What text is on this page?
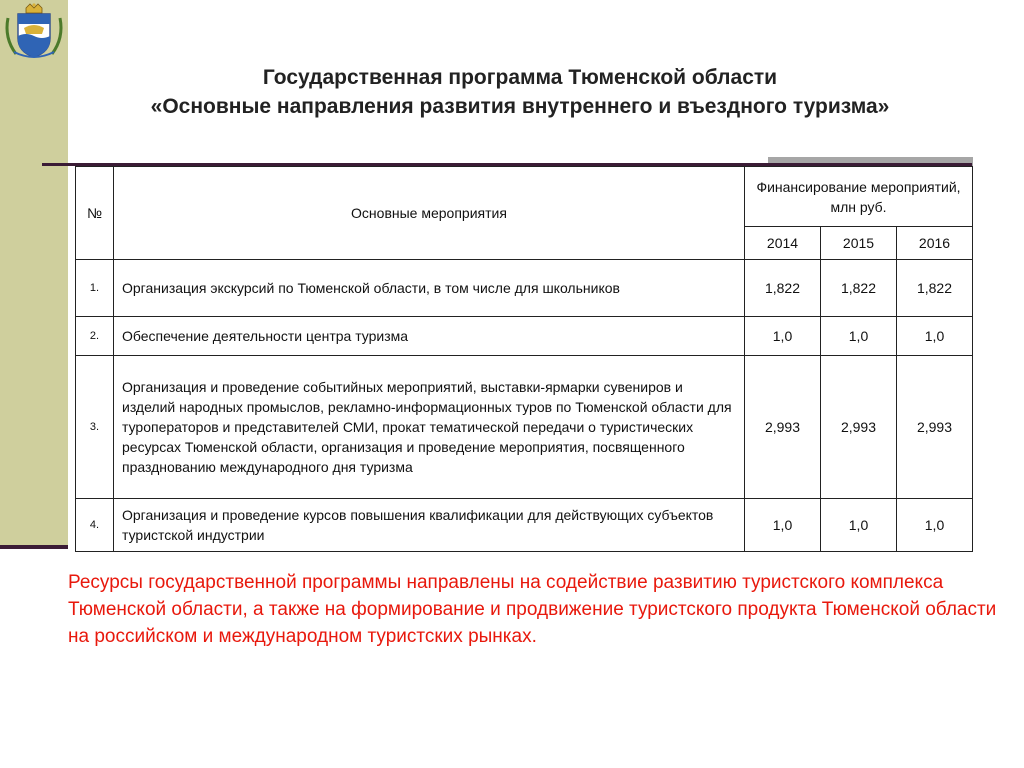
Государственная программа Тюменской области
«Основные направления развития внутреннего и въездного туризма»
№	Основные мероприятия	Финансирование мероприятий, млн руб.		
		2014	2015	2016
1.	Организация экскурсий по Тюменской области, в том числе для школьников	1,822	1,822	1,822
2.	Обеспечение деятельности центра туризма	1,0	1,0	1,0
3.	Организация и проведение событийных мероприятий, выставки-ярмарки сувениров и изделий народных промыслов, рекламно-информационных туров по Тюменской области для туроператоров и представителей СМИ, прокат тематической передачи о туристических ресурсах Тюменской области, организация и проведение мероприятия, посвященного празднованию международного дня туризма	2,993	2,993	2,993
4.	Организация и проведение курсов повышения квалификации для действующих субъектов туристской индустрии	1,0	1,0	1,0

Ресурсы государственной программы направлены на содействие развитию туристского комплекса Тюменской области, а также на формирование и продвижение туристского продукта Тюменской области на российском и международном туристских рынках.
